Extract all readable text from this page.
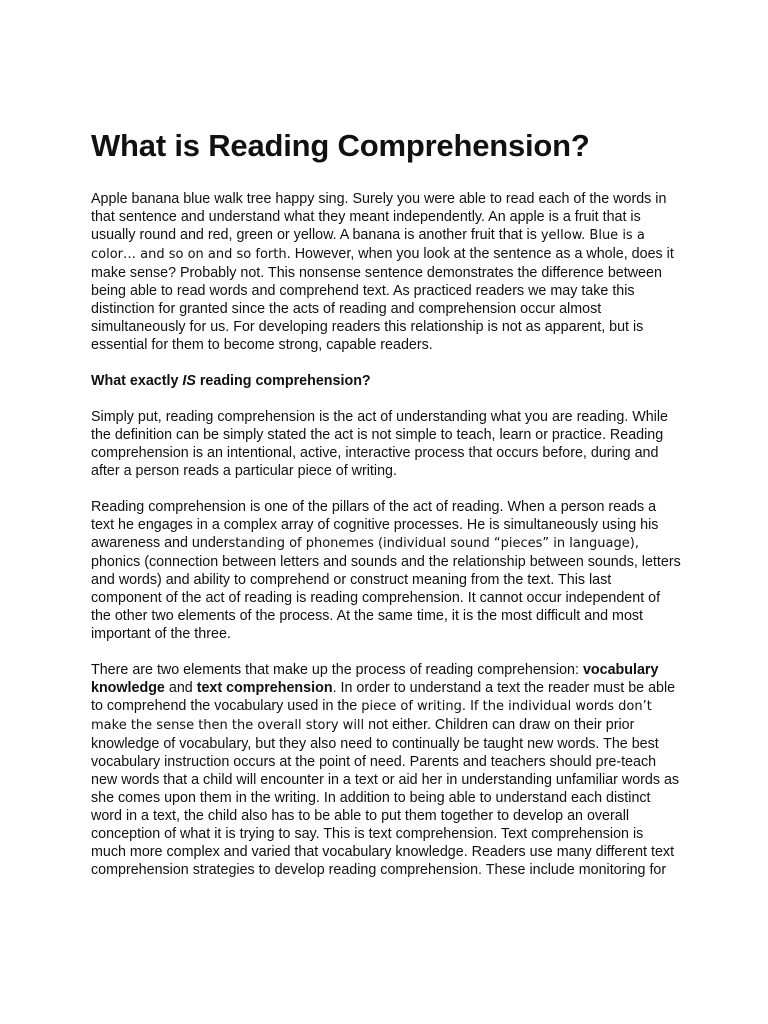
What is Reading Comprehension?

Apple banana blue walk tree happy sing. Surely you were able to read each of the words in that sentence and understand what they meant independently. An apple is a fruit that is usually round and red, green or yellow. A banana is another fruit that is yellow. Blue is a color… and so on and so forth. However, when you look at the sentence as a whole, does it make sense? Probably not. This nonsense sentence demonstrates the difference between being able to read words and comprehend text. As practiced readers we may take this distinction for granted since the acts of reading and comprehension occur almost simultaneously for us. For developing readers this relationship is not as apparent, but is essential for them to become strong, capable readers.

What exactly IS reading comprehension?

Simply put, reading comprehension is the act of understanding what you are reading. While the definition can be simply stated the act is not simple to teach, learn or practice. Reading comprehension is an intentional, active, interactive process that occurs before, during and after a person reads a particular piece of writing.

Reading comprehension is one of the pillars of the act of reading. When a person reads a text he engages in a complex array of cognitive processes. He is simultaneously using his awareness and understanding of phonemes (individual sound “pieces” in language), phonics (connection between letters and sounds and the relationship between sounds, letters and words) and ability to comprehend or construct meaning from the text. This last component of the act of reading is reading comprehension. It cannot occur independent of the other two elements of the process. At the same time, it is the most difficult and most important of the three.

There are two elements that make up the process of reading comprehension: vocabulary knowledge and text comprehension. In order to understand a text the reader must be able to comprehend the vocabulary used in the piece of writing. If the individual words don’t make the sense then the overall story will not either. Children can draw on their prior knowledge of vocabulary, but they also need to continually be taught new words. The best vocabulary instruction occurs at the point of need. Parents and teachers should pre-teach new words that a child will encounter in a text or aid her in understanding unfamiliar words as she comes upon them in the writing. In addition to being able to understand each distinct word in a text, the child also has to be able to put them together to develop an overall conception of what it is trying to say. This is text comprehension. Text comprehension is much more complex and varied that vocabulary knowledge. Readers use many different text comprehension strategies to develop reading comprehension. These include monitoring for
